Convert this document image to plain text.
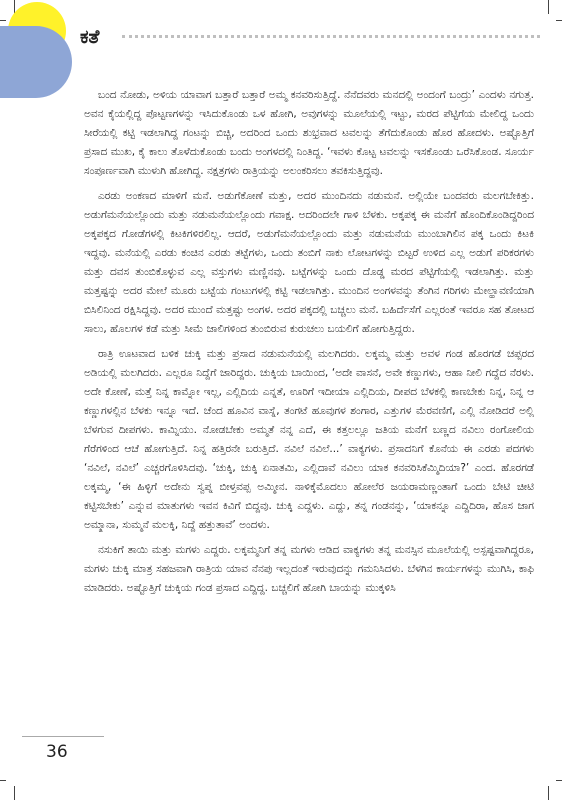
ಕತೆ

ಬಂದ ನೋಡು, ಅಳಿಯ ಯಾವಾಗ ಬತ್ತಾರೆ ಬತ್ತಾರೆ ಅಮ್ಮ ಕನವರಿಸುತ್ತಿದ್ದೆ. ನೆನೆದವರು ಮನದಲ್ಲಿ ಅಂದಂಗೆ ಬಂದ್ರು’ ಎಂದಳು ನಗುತ್ತ. ಅವನ ಕೈಯಲ್ಲಿದ್ದ ಪೊಟ್ಟಣಗಳನ್ನು ಇಸಿದುಕೊಂಡು ಒಳ ಹೋಗಿ, ಅವುಗಳನ್ನು ಮೂಲೆಯಲ್ಲಿ ಇಟ್ಟು, ಮರದ ಪೆಟ್ಟಿಗೆಯ ಮೇಲಿದ್ದ ಒಂದು ಸೀರೆಯಲ್ಲಿ ಕಟ್ಟಿ ಇಡಲಾಗಿದ್ದ ಗಂಟನ್ನು ಬಿಚ್ಚಿ, ಅದರಿಂದ ಒಂದು ಶುಭ್ರವಾದ ಟವಲನ್ನು ತೆಗೆದುಕೊಂಡು ಹೊರ ಹೋದಳು. ಅಷ್ಟೊತ್ತಿಗೆ ಪ್ರಸಾದ ಮುಖ, ಕೈ ಕಾಲು ತೊಳೆದುಕೊಂಡು ಬಂದು ಅಂಗಳದಲ್ಲಿ ನಿಂತಿದ್ದ. ‘ಇವಳು ಕೊಟ್ಟ ಟವಲನ್ನು ಇಸಕೊಂಡು ಒರೆಸಿಕೊಂಡ. ಸೂರ್ಯ ಸಂಪೂರ್ಣವಾಗಿ ಮುಳುಗಿ ಹೋಗಿದ್ದ. ನಕ್ಷತ್ರಗಳು ರಾತ್ರಿಯನ್ನು ಅಲಂಕರಿಸಲು ತವಕಿಸುತ್ತಿದ್ದವು.

ಎರಡು ಅಂಕಣದ ಮಾಳಿಗೆ ಮನೆ. ಅಡುಗೆಕೋಣೆ ಮತ್ತು, ಅದರ ಮುಂದಿನದು ನಡುಮನೆ. ಅಲ್ಲಿಯೇ ಬಂದವರು ಮಲಗಬೇಕಿತ್ತು. ಅಡುಗೆಮನೆಯಲ್ಲೊಂದು ಮತ್ತು ನಡುಮನೆಯಲ್ಲೊಂದು ಗವಾಕ್ಷ. ಅದರಿಂದಲೇ ಗಾಳಿ ಬೆಳಕು. ಅಕ್ಕಪಕ್ಕ ಈ ಮನೆಗೆ ಹೊಂದಿಕೊಂಡಿದ್ದರಿಂದ ಅಕ್ಕಪಕ್ಕದ ಗೋಡೆಗಳಲ್ಲಿ ಕಿಟಕಿಗಳಿರಲಿಲ್ಲ. ಆದರೆ, ಅಡುಗೆಮನೆಯಲ್ಲೊಂದು ಮತ್ತು ನಡುಮನೆಯ ಮುಂಬಾಗಿಲಿನ ಪಕ್ಕ ಒಂದು ಕಿಟಕಿ ಇದ್ದವು. ಮನೆಯಲ್ಲಿ ಎರಡು ಕಂಚಿನ ಎರಡು ತಟ್ಟೆಗಳು, ಒಂದು ತಂಬಿಗೆ ನಾಕು ಲೋಟಗಳನ್ನು ಬಿಟ್ಟರೆ ಉಳಿದ ಎಲ್ಲ ಅಡುಗೆ ಪರಿಕರಗಳು ಮತ್ತು ದವಸ ತುಂಬಿಕೊಳ್ಳುವ ಎಲ್ಲ ವಸ್ತುಗಳು ಮಣ್ಣಿನವು. ಬಟ್ಟೆಗಳನ್ನು ಒಂದು ದೊಡ್ಡ ಮರದ ಪೆಟ್ಟಿಗೆಯಲ್ಲಿ ಇಡಲಾಗಿತ್ತು. ಮತ್ತು ಮತ್ತಷ್ಟನ್ನು ಅದರ ಮೇಲೆ ಮೂರು ಬಟ್ಟೆಯ ಗಂಟುಗಳಲ್ಲಿ ಕಟ್ಟಿ ಇಡಲಾಗಿತ್ತು. ಮುಂದಿನ ಅಂಗಳವನ್ನು ತೆಂಗಿನ ಗರಿಗಳು ಮೇಲ್ಹಾವಣಿಯಾಗಿ ಬಿಸಿಲಿನಿಂದ ರಕ್ಷಿಸಿದ್ದವು. ಅದರ ಮುಂದೆ ಮತ್ತಷ್ಟು ಅಂಗಳ. ಅದರ ಪಕ್ಕದಲ್ಲಿ ಬಚ್ಚಲು ಮನೆ. ಬಹಿರ್ದೆಸೆಗೆ ಎಲ್ಲರಂತೆ ಇವರೂ ಸಹ ತೋಟದ ಸಾಲು, ಹೊಲಗಳ ಕಡೆ ಮತ್ತು ಸೀಮೆ ಜಾಲಿಗಳಿಂದ ತುಂಬಿರುವ ಕುರುಚಲು ಬಯಲಿಗೆ ಹೋಗುತ್ತಿದ್ದರು.

ರಾತ್ರಿ ಊಟವಾದ ಬಳಿಕ ಚುಕ್ಕಿ ಮತ್ತು ಪ್ರಸಾದ ನಡುಮನೆಯಲ್ಲಿ ಮಲಗಿದರು. ಲಕ್ಕಮ್ಮ ಮತ್ತು ಅವಳ ಗಂಡ ಹೊರಗಡೆ ಚಪ್ಪರದ ಅಡಿಯಲ್ಲಿ ಮಲಗಿದರು. ಎಲ್ಲರೂ ನಿದ್ದೆಗೆ ಜಾರಿದ್ದರು. ಚುಕ್ಕಿಯ ಬಾಯಿಂದ, ‘ಅದೇ ವಾಸನೆ, ಅವೇ ಕಣ್ಣುಗಳು, ಆಹಾ ನೀಲಿ ಗದ್ದೆದ ನೆರಳು. ಅದೇ ಕೋಣೆ, ಮತ್ತೆ ನಿನ್ನ ಕಾಮ್ನೋ ಇಲ್ಲ, ಎಲ್ಲಿದಿಯ ಎನ್ನತೆ, ಊರಿಗೆ ಇದೀಯಾ ಎಲ್ಲಿದಿಯ, ದೀಪದ ಬೆಳಕಲ್ಲಿ ಕಾಣಬೇಕು ನಿನ್ನ, ನಿನ್ನ ಆ ಕಣ್ಣುಗಳಲ್ಲಿನ ಬೆಳಕು ಇನ್ನೂ ಇದೆ. ಚೆಂದ ಹೂವಿನ ವಾಸ್ನೆ, ತಂಗಟೆ ಹೂವುಗಳ ಶಂಗಾರ, ಎತ್ತುಗಳ ಮೆರವಣಿಗೆ, ಎಲ್ಲಿ ನೋಡಿದರೆ ಅಲ್ಲಿ ಬೆಳಗುವ ದೀಪಗಳು. ಕಾಮ್ನಿಯು. ನೋಡಬೇಕು ಅಮ್ಮತೆ ನನ್ನ ಎದೆ, ಈ ಕತ್ತಲಲ್ಲೂ ಜತಿಯ ಮನೆಗೆ ಬಣ್ಣದ ನವಿಲು ರಂಗೋಲಿಯ ಗೆರೆಗಳಿಂದ ಆಚೆ ಹೋಗುತ್ತಿದೆ. ನಿನ್ನ ಹತ್ತಿರನೇ ಬರುತ್ತಿದೆ. ನವಿಲೆ ನವಿಲೆ...’ ವಾಕ್ಯಗಳು. ಪ್ರಸಾದನಿಗೆ ಕೊನೆಯ ಈ ಎರಡು ಪದಗಳು ‘ನವಿಲೆ, ನವಿಲೆ’ ಎಚ್ಚರಗೊಳಿಸಿದವು. ‘ಚುಕ್ಕಿ, ಚುಕ್ಕಿ ಏನಾತಮಿ, ಎಲ್ಲಿದಾವೆ ನವಿಲು ಯಾಕ ಕನವರಿಸಿಕೆಮ್ಮಿದಿಯಾ?’ ಎಂದ. ಹೊರಗಡೆ ಲಕ್ಕಮ್ಮ, ‘ಈ ಹಿಳ್ಳಿಗೆ ಅದೇನು ಸ್ವಪ್ನ ಬೀಳ್ತವಪ್ಪ ಅಮ್ಮೀನ. ನಾಳಿಕ್ಕೆಮೊದಲು ಹೋಲೆರ ಜಯರಾಮಣ್ಣಂತಾಗೆ ಒಂದು ಬೇಟಿ ಚೀಟಿ ಕಟ್ಟಿಸಬೇಕು’ ಎನ್ನುವ ಮಾತುಗಳು ಇವನ ಕಿವಿಗೆ ಬಿದ್ದವು. ಚುಕ್ಕಿ ಎದ್ದಳು. ಎದ್ದು, ತನ್ನ ಗಂಡನನ್ನು, ‘ಯಾಕನ್ನೂ ಎದ್ದಿದಿರಾ, ಹೊಸ ಜಾಗ ಅಮ್ಮಾನಾ, ಸುಮ್ಮನೆ ಮಲಕ್ಕಿ, ನಿದ್ದೆ ಹತ್ತುತಾವೆ’ ಅಂದಳು.

ನಸುಕಿಗೆ ತಾಯಿ ಮತ್ತು ಮಗಳು ಎದ್ದರು. ಲಕ್ಕಮ್ಮನಿಗೆ ತನ್ನ ಮಗಳು ಆಡಿದ ವಾಕ್ಯಗಳು ತನ್ನ ಮನಸ್ಸಿನ ಮೂಲೆಯಲ್ಲಿ ಅಸ್ಪಷ್ಟವಾಗಿದ್ದರೂ, ಮಗಳು ಚುಕ್ಕಿ ಮಾತ್ರ ಸಹಜವಾಗಿ ರಾತ್ರಿಯ ಯಾವ ನೆನಪು ಇಲ್ಲದಂತೆ ಇರುವುದನ್ನು ಗಮನಿಸಿದಳು. ಬೆಳಗಿನ ಕಾರ್ಯಗಳನ್ನು ಮುಗಿಸಿ, ಕಾಫಿ ಮಾಡಿದರು. ಅಷ್ಟೊತ್ತಿಗೆ ಚುಕ್ಕಿಯ ಗಂಡ ಪ್ರಸಾದ ಎದ್ದಿದ್ದ. ಬಚ್ಚಲಿಗೆ ಹೋಗಿ ಬಾಯನ್ನು ಮುಕ್ಕಳಿಸಿ

36
